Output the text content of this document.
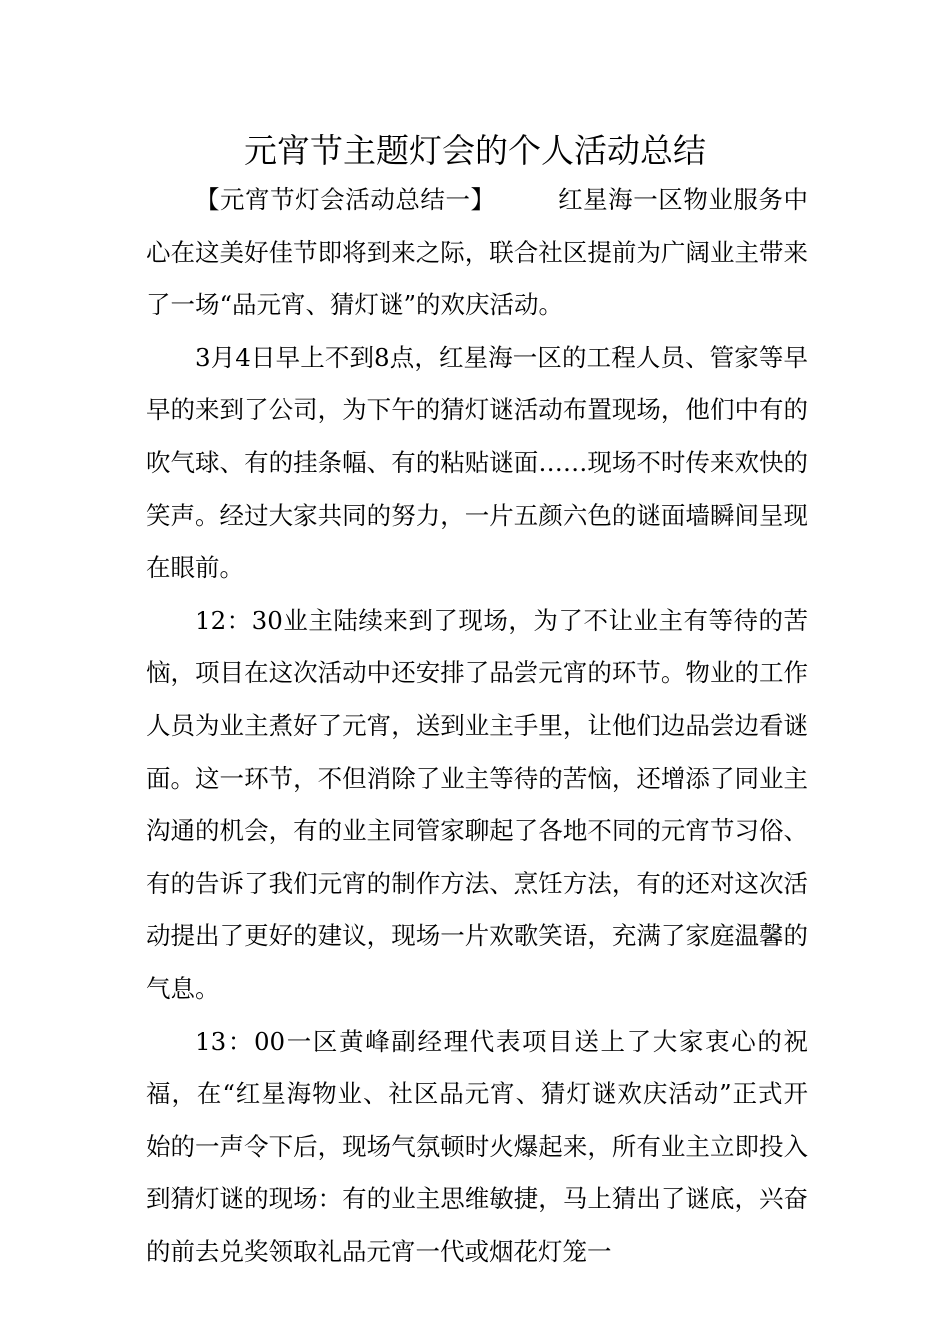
元宵节主题灯会的个人活动总结

【元宵节灯会活动总结一】	红星海一区物业服务中心在这美好佳节即将到来之际，联合社区提前为广阔业主带来了一场“品元宵、猜灯谜”的欢庆活动。

3月4日早上不到8点，红星海一区的工程人员、管家等早早的来到了公司，为下午的猜灯谜活动布置现场，他们中有的吹气球、有的挂条幅、有的粘贴谜面……现场不时传来欢快的笑声。经过大家共同的努力，一片五颜六色的谜面墙瞬间呈现在眼前。

12：30业主陆续来到了现场，为了不让业主有等待的苦恼，项目在这次活动中还安排了品尝元宵的环节。物业的工作人员为业主煮好了元宵，送到业主手里，让他们边品尝边看谜面。这一环节，不但消除了业主等待的苦恼，还增添了同业主沟通的机会，有的业主同管家聊起了各地不同的元宵节习俗、有的告诉了我们元宵的制作方法、烹饪方法，有的还对这次活动提出了更好的建议，现场一片欢歌笑语，充满了家庭温馨的气息。

13：00一区黄峰副经理代表项目送上了大家衷心的祝福，在“红星海物业、社区品元宵、猜灯谜欢庆活动”正式开始的一声令下后，现场气氛顿时火爆起来，所有业主立即投入到猜灯谜的现场：有的业主思维敏捷，马上猜出了谜底，兴奋的前去兑奖领取礼品元宵一代或烟花灯笼一
